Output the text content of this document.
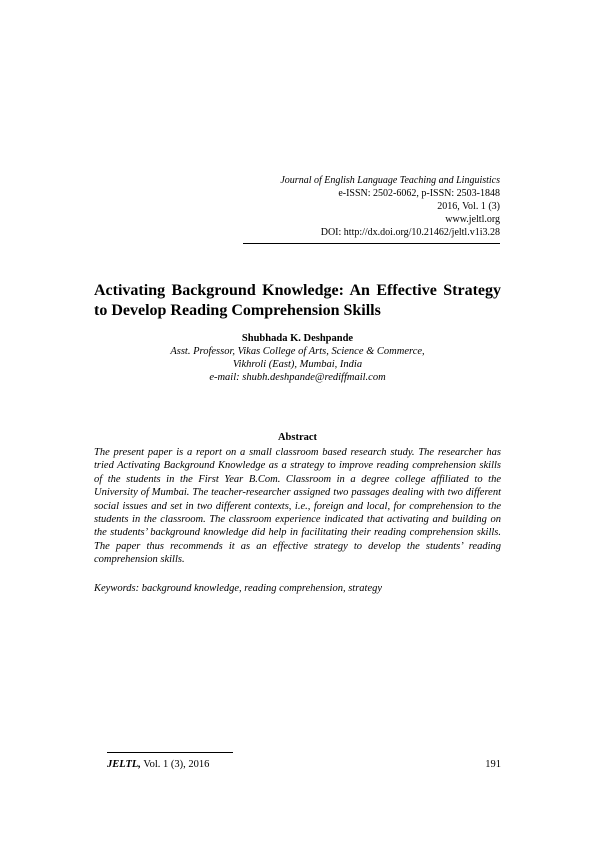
Journal of English Language Teaching and Linguistics
e-ISSN: 2502-6062, p-ISSN: 2503-1848
2016, Vol. 1 (3)
www.jeltl.org
DOI: http://dx.doi.org/10.21462/jeltl.v1i3.28
Activating Background Knowledge: An Effective Strategy to Develop Reading Comprehension Skills
Shubhada K. Deshpande
Asst. Professor, Vikas College of Arts, Science & Commerce,
Vikhroli (East), Mumbai, India
e-mail: shubh.deshpande@rediffmail.com
Abstract

The present paper is a report on a small classroom based research study. The researcher has tried Activating Background Knowledge as a strategy to improve reading comprehension skills of the students in the First Year B.Com. Classroom in a degree college affiliated to the University of Mumbai. The teacher-researcher assigned two passages dealing with two different social issues and set in two different contexts, i.e., foreign and local, for comprehension to the students in the classroom. The classroom experience indicated that activating and building on the students’ background knowledge did help in facilitating their reading comprehension skills. The paper thus recommends it as an effective strategy to develop the students’ reading comprehension skills.

Keywords: background knowledge, reading comprehension, strategy
JELTL, Vol. 1 (3), 2016	191
